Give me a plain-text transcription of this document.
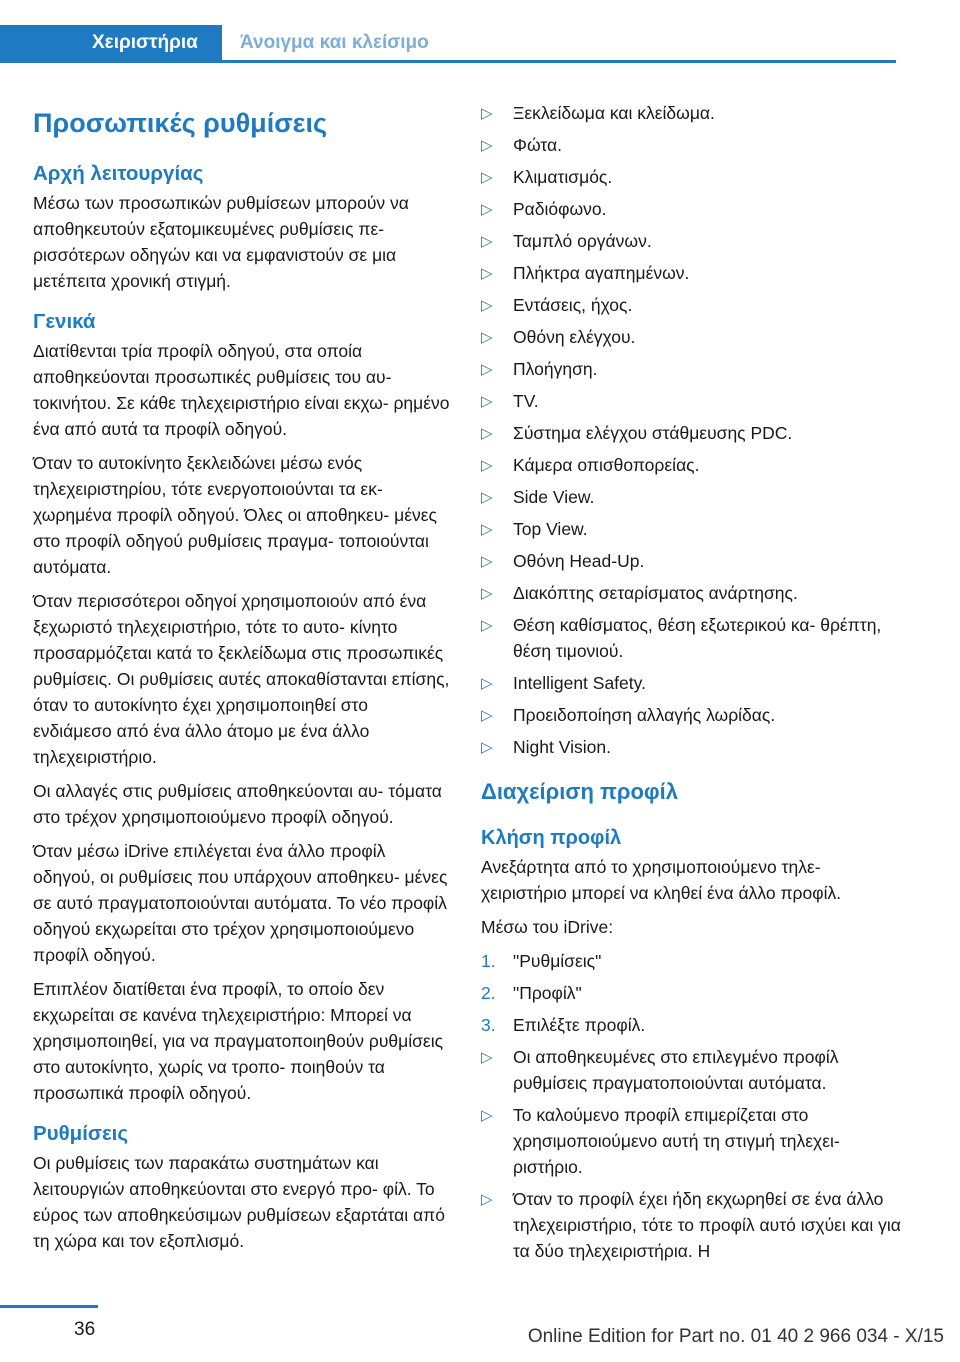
Χειριστήρια Άνοιγμα και κλείσιμο
Προσωπικές ρυθμίσεις
Αρχή λειτουργίας

Μέσω των προσωπικών ρυθμίσεων μπορούν να αποθηκευτούν εξατομικευμένες ρυθμίσεις πε‐ ρισσότερων οδηγών και να εμφανιστούν σε μια μετέπειτα χρονική στιγμή.

Γενικά

Διατίθενται τρία προφίλ οδηγού, στα οποία αποθηκεύονται προσωπικές ρυθμίσεις του αυ‐ τοκινήτου. Σε κάθε τηλεχειριστήριο είναι εκχω‐ ρημένο ένα από αυτά τα προφίλ οδηγού.

Όταν το αυτοκίνητο ξεκλειδώνει μέσω ενός τηλεχειριστηρίου, τότε ενεργοποιούνται τα εκ‐ χωρημένα προφίλ οδηγού. Όλες οι αποθηκευ‐ μένες στο προφίλ οδηγού ρυθμίσεις πραγμα‐ τοποιούνται αυτόματα.

Όταν περισσότεροι οδηγοί χρησιμοποιούν από ένα ξεχωριστό τηλεχειριστήριο, τότε το αυτο‐ κίνητο προσαρμόζεται κατά το ξεκλείδωμα στις προσωπικές ρυθμίσεις. Οι ρυθμίσεις αυτές αποκαθίστανται επίσης, όταν το αυτοκίνητο έχει χρησιμοποιηθεί στο ενδιάμεσο από ένα άλλο άτομο με ένα άλλο τηλεχειριστήριο.

Οι αλλαγές στις ρυθμίσεις αποθηκεύονται αυ‐ τόματα στο τρέχον χρησιμοποιούμενο προφίλ οδηγού.

Όταν μέσω iDrive επιλέγεται ένα άλλο προφίλ οδηγού, οι ρυθμίσεις που υπάρχουν αποθηκευ‐ μένες σε αυτό πραγματοποιούνται αυτόματα. Το νέο προφίλ οδηγού εκχωρείται στο τρέχον χρησιμοποιούμενο προφίλ οδηγού.

Επιπλέον διατίθεται ένα προφίλ, το οποίο δεν εκχωρείται σε κανένα τηλεχειριστήριο: Μπορεί να χρησιμοποιηθεί, για να πραγματοποιηθούν ρυθμίσεις στο αυτοκίνητο, χωρίς να τροπο‐ ποιηθούν τα προσωπικά προφίλ οδηγού.

Ρυθμίσεις

Οι ρυθμίσεις των παρακάτω συστημάτων και λειτουργιών αποθηκεύονται στο ενεργό προ‐ φίλ. Το εύρος των αποθηκεύσιμων ρυθμίσεων εξαρτάται από τη χώρα και τον εξοπλισμό.

▷ Ξεκλείδωμα και κλείδωμα.
▷ Φώτα.
▷ Κλιματισμός.
▷ Ραδιόφωνο.
▷ Ταμπλό οργάνων.
▷ Πλήκτρα αγαπημένων.
▷ Εντάσεις, ήχος.
▷ Οθόνη ελέγχου.
▷ Πλοήγηση.
▷ TV.
▷ Σύστημα ελέγχου στάθμευσης PDC.
▷ Κάμερα οπισθοπορείας.
▷ Side View.
▷ Top View.
▷ Οθόνη Head-Up.
▷ Διακόπτης σεταρίσματος ανάρτησης.
▷ Θέση καθίσματος, θέση εξωτερικού κα‐ θρέπτη, θέση τιμονιού.
▷ Intelligent Safety.
▷ Προειδοποίηση αλλαγής λωρίδας.
▷ Night Vision.
Διαχείριση προφίλ
Κλήση προφίλ

Ανεξάρτητα από το χρησιμοποιούμενο τηλε‐ χειριστήριο μπορεί να κληθεί ένα άλλο προφίλ.

Μέσω του iDrive:

1. "Ρυθμίσεις"
2. "Προφίλ"
3. Επιλέξτε προφίλ.
▷ Οι αποθηκευμένες στο επιλεγμένο προφίλ ρυθμίσεις πραγματοποιούνται αυτόματα.
▷ Το καλούμενο προφίλ επιμερίζεται στο χρησιμοποιούμενο αυτή τη στιγμή τηλεχει‐ ριστήριο.
▷ Όταν το προφίλ έχει ήδη εκχωρηθεί σε ένα άλλο τηλεχειριστήριο, τότε το προφίλ αυτό ισχύει και για τα δύο τηλεχειριστήρια. Η
36	Online Edition for Part no. 01 40 2 966 034 - X/15
